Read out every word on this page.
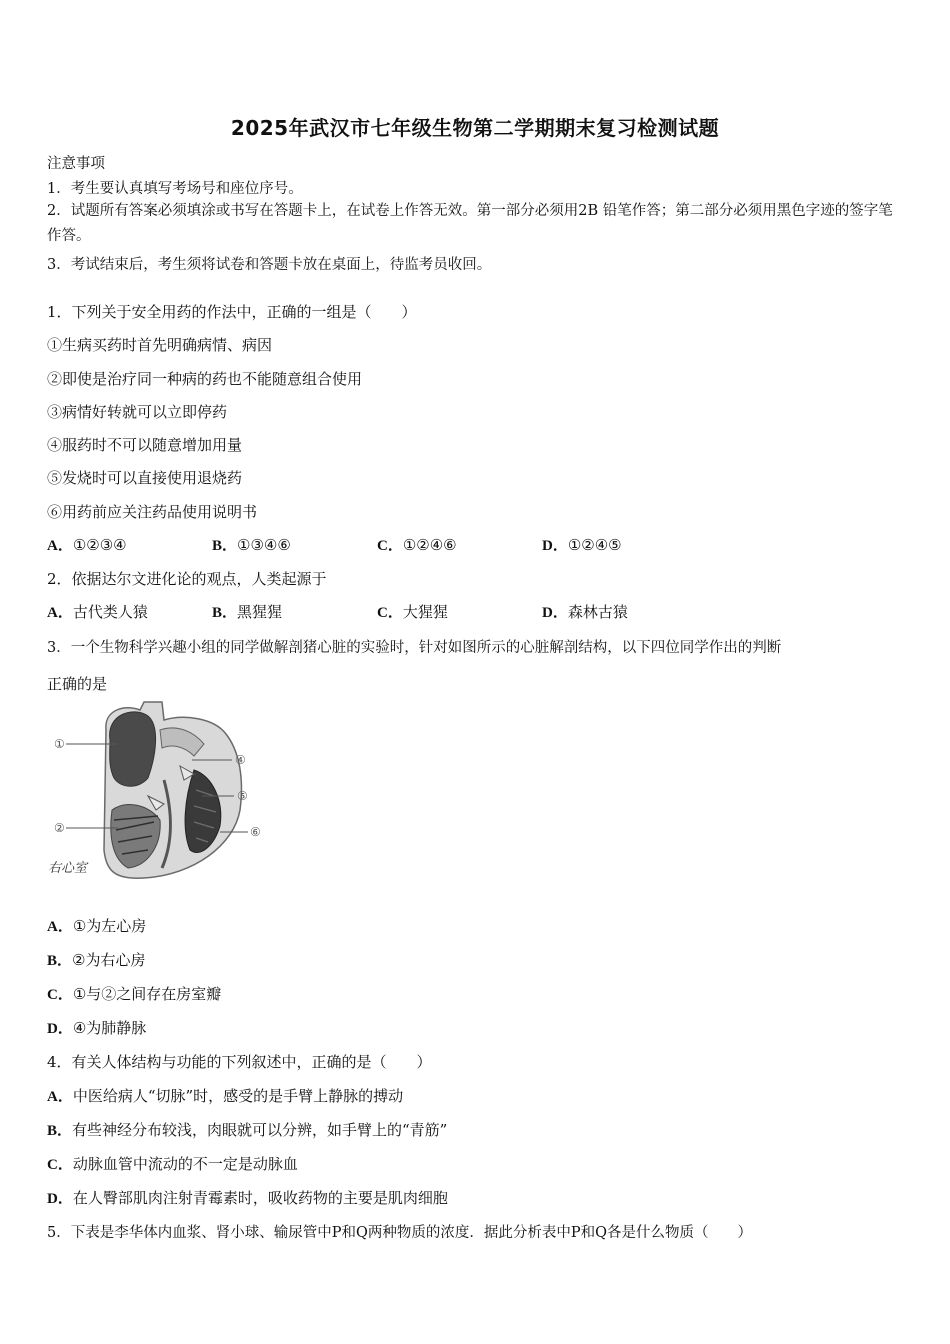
2025年武汉市七年级生物第二学期期末复习检测试题
注意事项
1．考生要认真填写考场号和座位序号。
2．试题所有答案必须填涂或书写在答题卡上，在试卷上作答无效。第一部分必须用2B 铅笔作答；第二部分必须用黑色字迹的签字笔作答。
3．考试结束后，考生须将试卷和答题卡放在桌面上，待监考员收回。
1．下列关于安全用药的作法中，正确的一组是（　　）
①生病买药时首先明确病情、病因
②即使是治疗同一种病的药也不能随意组合使用
③病情好转就可以立即停药
④服药时不可以随意增加用量
⑤发烧时可以直接使用退烧药
⑥用药前应关注药品使用说明书
A．①②③④	B．①③④⑥	C．①②④⑥	D．①②④⑤
2．依据达尔文进化论的观点，人类起源于
A．古代类人猿	B．黑猩猩	C．大猩猩	D．森林古猿
3．一个生物科学兴趣小组的同学做解剖猪心脏的实验时，针对如图所示的心脏解剖结构，以下四位同学作出的判断
正确的是
①
②
④
⑤
⑥
右心室
A．①为左心房
B．②为右心房
C．①与②之间存在房室瓣
D．④为肺静脉
4．有关人体结构与功能的下列叙述中，正确的是（　　）
A．中医给病人“切脉”时，感受的是手臂上静脉的搏动
B．有些神经分布较浅，肉眼就可以分辨，如手臂上的“青筋”
C．动脉血管中流动的不一定是动脉血
D．在人臀部肌肉注射青霉素时，吸收药物的主要是肌肉细胞
5．下表是李华体内血浆、肾小球、输尿管中P和Q两种物质的浓度．据此分析表中P和Q各是什么物质（　　）
